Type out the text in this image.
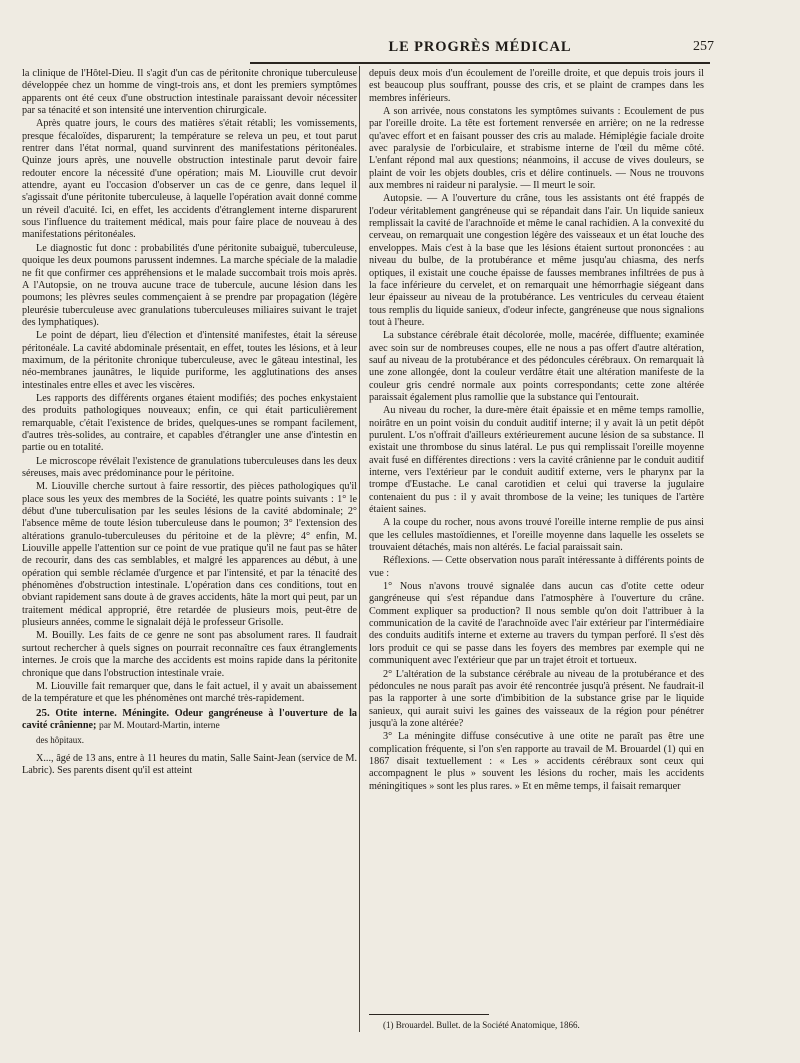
LE PROGRÈS MÉDICAL	257

la clinique de l'Hôtel-Dieu. Il s'agit d'un cas de péritonite chronique tuberculeuse développée chez un homme de vingt-trois ans, et dont les premiers symptômes apparents ont été ceux d'une obstruction intestinale paraissant devoir nécessiter par sa ténacité et son intensité une intervention chirurgicale.

Après quatre jours, le cours des matières s'était rétabli; les vomissements, presque fécaloïdes, disparurent; la température se releva un peu, et tout parut rentrer dans l'état normal, quand survinrent des manifestations péritonéales. Quinze jours après, une nouvelle obstruction intestinale parut devoir faire redouter encore la nécessité d'une opération; mais M. Liouville crut devoir attendre, ayant eu l'occasion d'observer un cas de ce genre, dans lequel il s'agissait d'une péritonite tuberculeuse, à laquelle l'opération avait donné comme un réveil d'acuité. Ici, en effet, les accidents d'étranglement interne disparurent sous l'influence du traitement médical, mais pour faire place de nouveau à des manifestations péritonéales.

Le diagnostic fut donc : probabilités d'une péritonite subaiguë, tuberculeuse, quoique les deux poumons parussent indemnes. La marche spéciale de la maladie ne fit que confirmer ces appréhensions et le malade succombait trois mois après. A l'Autopsie, on ne trouva aucune trace de tubercule, aucune lésion dans les poumons; les plèvres seules commençaient à se prendre par propagation (légère pleurésie tuberculeuse avec granulations tuberculeuses miliaires suivant le trajet des lymphatiques).

Le point de départ, lieu d'élection et d'intensité manifestes, était la séreuse péritonéale. La cavité abdominale présentait, en effet, toutes les lésions, et à leur maximum, de la péritonite chronique tuberculeuse, avec le gâteau intestinal, les néo-membranes jaunâtres, le liquide puriforme, les agglutinations des anses intestinales entre elles et avec les viscères.

Les rapports des différents organes étaient modifiés; des poches enkystaient des produits pathologiques nouveaux; enfin, ce qui était particulièrement remarquable, c'était l'existence de brides, quelques-unes se rompant facilement, d'autres très-solides, au contraire, et capables d'étrangler une anse d'intestin en partie ou en totalité.

Le microscope révélait l'existence de granulations tuberculeuses dans les deux séreuses, mais avec prédominance pour le péritoine.

M. Liouville cherche surtout à faire ressortir, des pièces pathologiques qu'il place sous les yeux des membres de la Société, les quatre points suivants : 1° le début d'une tuberculisation par les seules lésions de la cavité abdominale; 2° l'absence même de toute lésion tuberculeuse dans le poumon; 3° l'extension des altérations granulo-tuberculeuses du péritoine et de la plèvre; 4° enfin, M. Liouville appelle l'attention sur ce point de vue pratique qu'il ne faut pas se hâter de recourir, dans des cas semblables, et malgré les apparences au début, à une opération qui semble réclamée d'urgence et par l'intensité, et par la ténacité des phénomènes d'obstruction intestinale. L'opération dans ces conditions, tout en obviant rapidement sans doute à de graves accidents, hâte la mort qui peut, par un traitement médical approprié, être retardée de plusieurs mois, peut-être de plusieurs années, comme le signalait déjà le professeur Grisolle.

M. Bouilly. Les faits de ce genre ne sont pas absolument rares. Il faudrait surtout rechercher à quels signes on pourrait reconnaître ces faux étranglements internes. Je crois que la marche des accidents est moins rapide dans la péritonite chronique que dans l'obstruction intestinale vraie.

M. Liouville fait remarquer que, dans le fait actuel, il y avait un abaissement de la température et que les phénomènes ont marché très-rapidement.

25. Otite interne. Méningite. Odeur gangréneuse à l'ouverture de la cavité crânienne; par M. Moutard-Martin, interne
des hôpitaux.

X..., âgé de 13 ans, entre à 11 heures du matin, Salle Saint-Jean (service de M. Labric). Ses parents disent qu'il est atteint

depuis deux mois d'un écoulement de l'oreille droite, et que depuis trois jours il est beaucoup plus souffrant, pousse des cris, et se plaint de crampes dans les membres inférieurs.

A son arrivée, nous constatons les symptômes suivants : Ecoulement de pus par l'oreille droite. La tête est fortement renversée en arrière; on ne la redresse qu'avec effort et en faisant pousser des cris au malade. Hémiplégie faciale droite avec paralysie de l'orbiculaire, et strabisme interne de l'œil du même côté. L'enfant répond mal aux questions; néanmoins, il accuse de vives douleurs, se plaint de voir les objets doubles, cris et délire continuels. — Nous ne trouvons aux membres ni raideur ni paralysie. — Il meurt le soir.

Autopsie. — A l'ouverture du crâne, tous les assistants ont été frappés de l'odeur véritablement gangréneuse qui se répandait dans l'air. Un liquide sanieux remplissait la cavité de l'arachnoïde et même le canal rachidien. A la convexité du cerveau, on remarquait une congestion légère des vaisseaux et un état louche des enveloppes. Mais c'est à la base que les lésions étaient surtout prononcées : au niveau du bulbe, de la protubérance et même jusqu'au chiasma, des nerfs optiques, il existait une couche épaisse de fausses membranes infiltrées de pus à la face inférieure du cervelet, et on remarquait une hémorrhagie siégeant dans leur épaisseur au niveau de la protubérance. Les ventricules du cerveau étaient tous remplis du liquide sanieux, d'odeur infecte, gangréneuse que nous signalions tout à l'heure.

La substance cérébrale était décolorée, molle, macérée, diffluente; examinée avec soin sur de nombreuses coupes, elle ne nous a pas offert d'autre altération, sauf au niveau de la protubérance et des pédoncules cérébraux. On remarquait là une zone allongée, dont la couleur verdâtre était une altération manifeste de la couleur gris cendré normale aux points correspondants; cette zone altérée paraissait également plus ramollie que la substance qui l'entourait.

Au niveau du rocher, la dure-mère était épaissie et en même temps ramollie, noirâtre en un point voisin du conduit auditif interne; il y avait là un petit dépôt purulent. L'os n'offrait d'ailleurs extérieurement aucune lésion de sa substance. Il existait une thrombose du sinus latéral. Le pus qui remplissait l'oreille moyenne avait fusé en différentes directions : vers la cavité crânienne par le conduit auditif interne, vers l'extérieur par le conduit auditif externe, vers le pharynx par la trompe d'Eustache. Le canal carotidien et celui qui traverse la jugulaire contenaient du pus : il y avait thrombose de la veine; les tuniques de l'artère étaient saines.

A la coupe du rocher, nous avons trouvé l'oreille interne remplie de pus ainsi que les cellules mastoïdiennes, et l'oreille moyenne dans laquelle les osselets se trouvaient détachés, mais non altérés. Le facial paraissait sain.

Réflexions. — Cette observation nous paraît intéressante à différents points de vue :

1° Nous n'avons trouvé signalée dans aucun cas d'otite cette odeur gangréneuse qui s'est répandue dans l'atmosphère à l'ouverture du crâne. Comment expliquer sa production? Il nous semble qu'on doit l'attribuer à la communication de la cavité de l'arachnoïde avec l'air extérieur par l'intermédiaire des conduits auditifs interne et externe au travers du tympan perforé. Il s'est dès lors produit ce qui se passe dans les foyers des membres par exemple qui ne communiquent avec l'extérieur que par un trajet étroit et tortueux.

2° L'altération de la substance cérébrale au niveau de la protubérance et des pédoncules ne nous paraît pas avoir été rencontrée jusqu'à présent. Ne faudrait-il pas la rapporter à une sorte d'imbibition de la substance grise par le liquide sanieux, qui aurait suivi les gaines des vaisseaux de la région pour pénétrer jusqu'à la zone altérée?

3° La méningite diffuse consécutive à une otite ne paraît pas être une complication fréquente, si l'on s'en rapporte au travail de M. Brouardel (1) qui en 1867 disait textuellement : « Les » accidents cérébraux sont ceux qui accompagnent le plus » souvent les lésions du rocher, mais les accidents méningitiques » sont les plus rares. » Et en même temps, il faisait remarquer

(1) Brouardel. Bullet. de la Société Anatomique, 1866.
